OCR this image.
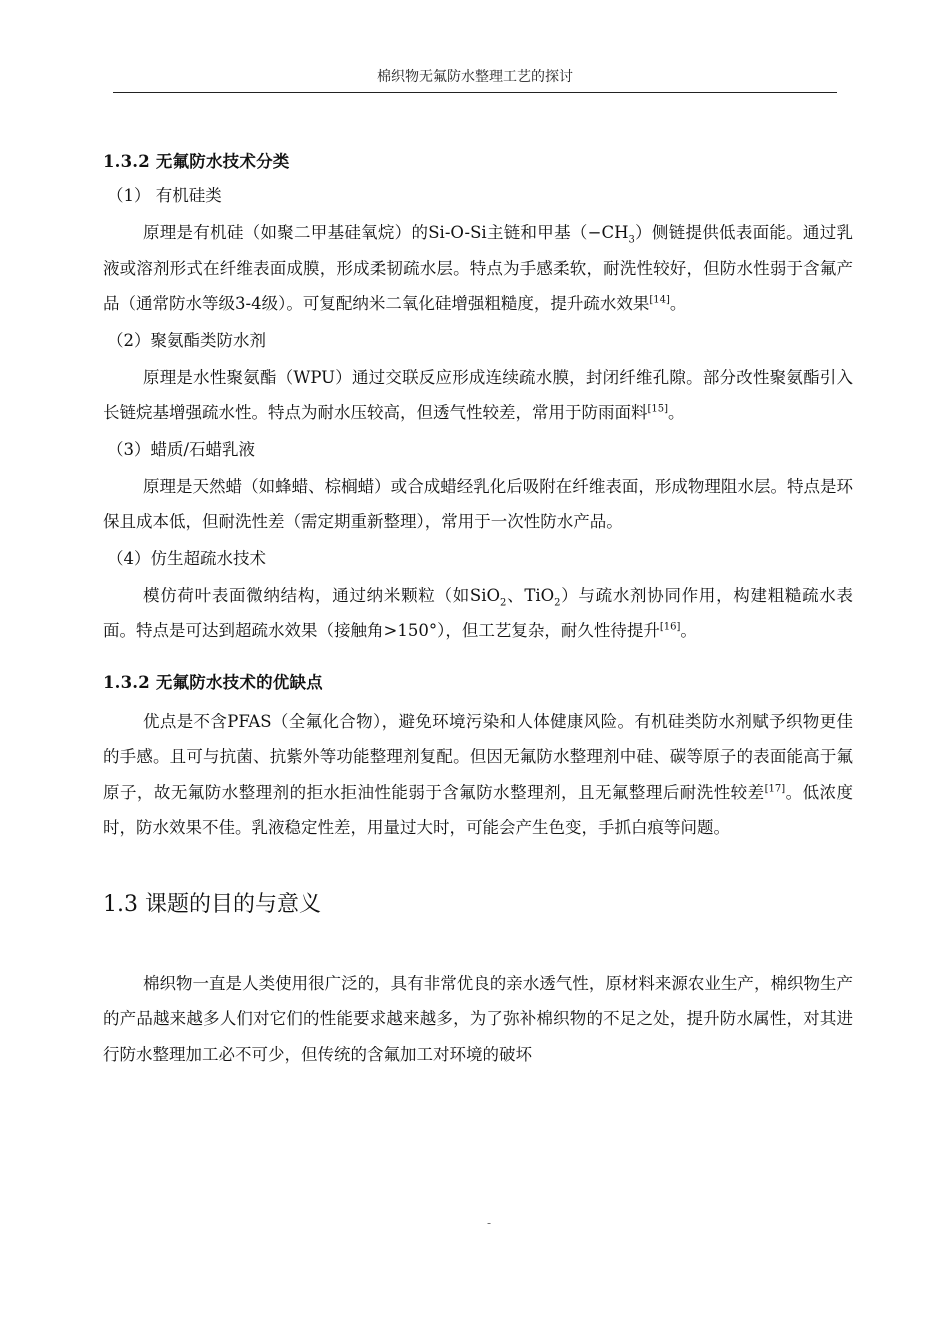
棉织物无氟防水整理工艺的探讨
1.3.2 无氟防水技术分类
（1） 有机硅类

原理是有机硅（如聚二甲基硅氧烷）的Si-O-Si主链和甲基$(-CH_3)$侧链提供低表面能。通过乳液或溶剂形式在纤维表面成膜，形成柔韧疏水层。特点为手感柔软，耐洗性较好，但防水性弱于含氟产品（通常防水等级3-4级）。可复配纳米二氧化硅增强粗糙度，提升疏水效果[14]。

（2）聚氨酯类防水剂

原理是水性聚氨酯（WPU）通过交联反应形成连续疏水膜，封闭纤维孔隙。部分改性聚氨酯引入长链烷基增强疏水性。特点为耐水压较高，但透气性较差，常用于防雨面料[15]。

（3）蜡质/石蜡乳液

原理是天然蜡（如蜂蜡、棕榈蜡）或合成蜡经乳化后吸附在纤维表面，形成物理阻水层。特点是环保且成本低，但耐洗性差（需定期重新整理），常用于一次性防水产品。

（4）仿生超疏水技术

模仿荷叶表面微纳结构，通过纳米颗粒（如SiO$_2$、TiO$_2$）与疏水剂协同作用，构建粗糙疏水表面。特点是可达到超疏水效果（接触角>150°），但工艺复杂，耐久性待提升[16]。

1.3.2 无氟防水技术的优缺点

优点是不含PFAS（全氟化合物），避免环境污染和人体健康风险。有机硅类防水剂赋予织物更佳的手感。且可与抗菌、抗紫外等功能整理剂复配。但因无氟防水整理剂中硅、碳等原子的表面能高于氟原子，故无氟防水整理剂的拒水拒油性能弱于含氟防水整理剂，且无氟整理后耐洗性较差[17]。低浓度时，防水效果不佳。乳液稳定性差，用量过大时，可能会产生色变，手抓白痕等问题。

1.3 课题的目的与意义

棉织物一直是人类使用很广泛的，具有非常优良的亲水透气性，原材料来源农业生产，棉织物生产的产品越来越多人们对它们的性能要求越来越多，为了弥补棉织物的不足之处，提升防水属性，对其进行防水整理加工必不可少，但传统的含氟加工对环境的破坏

-
